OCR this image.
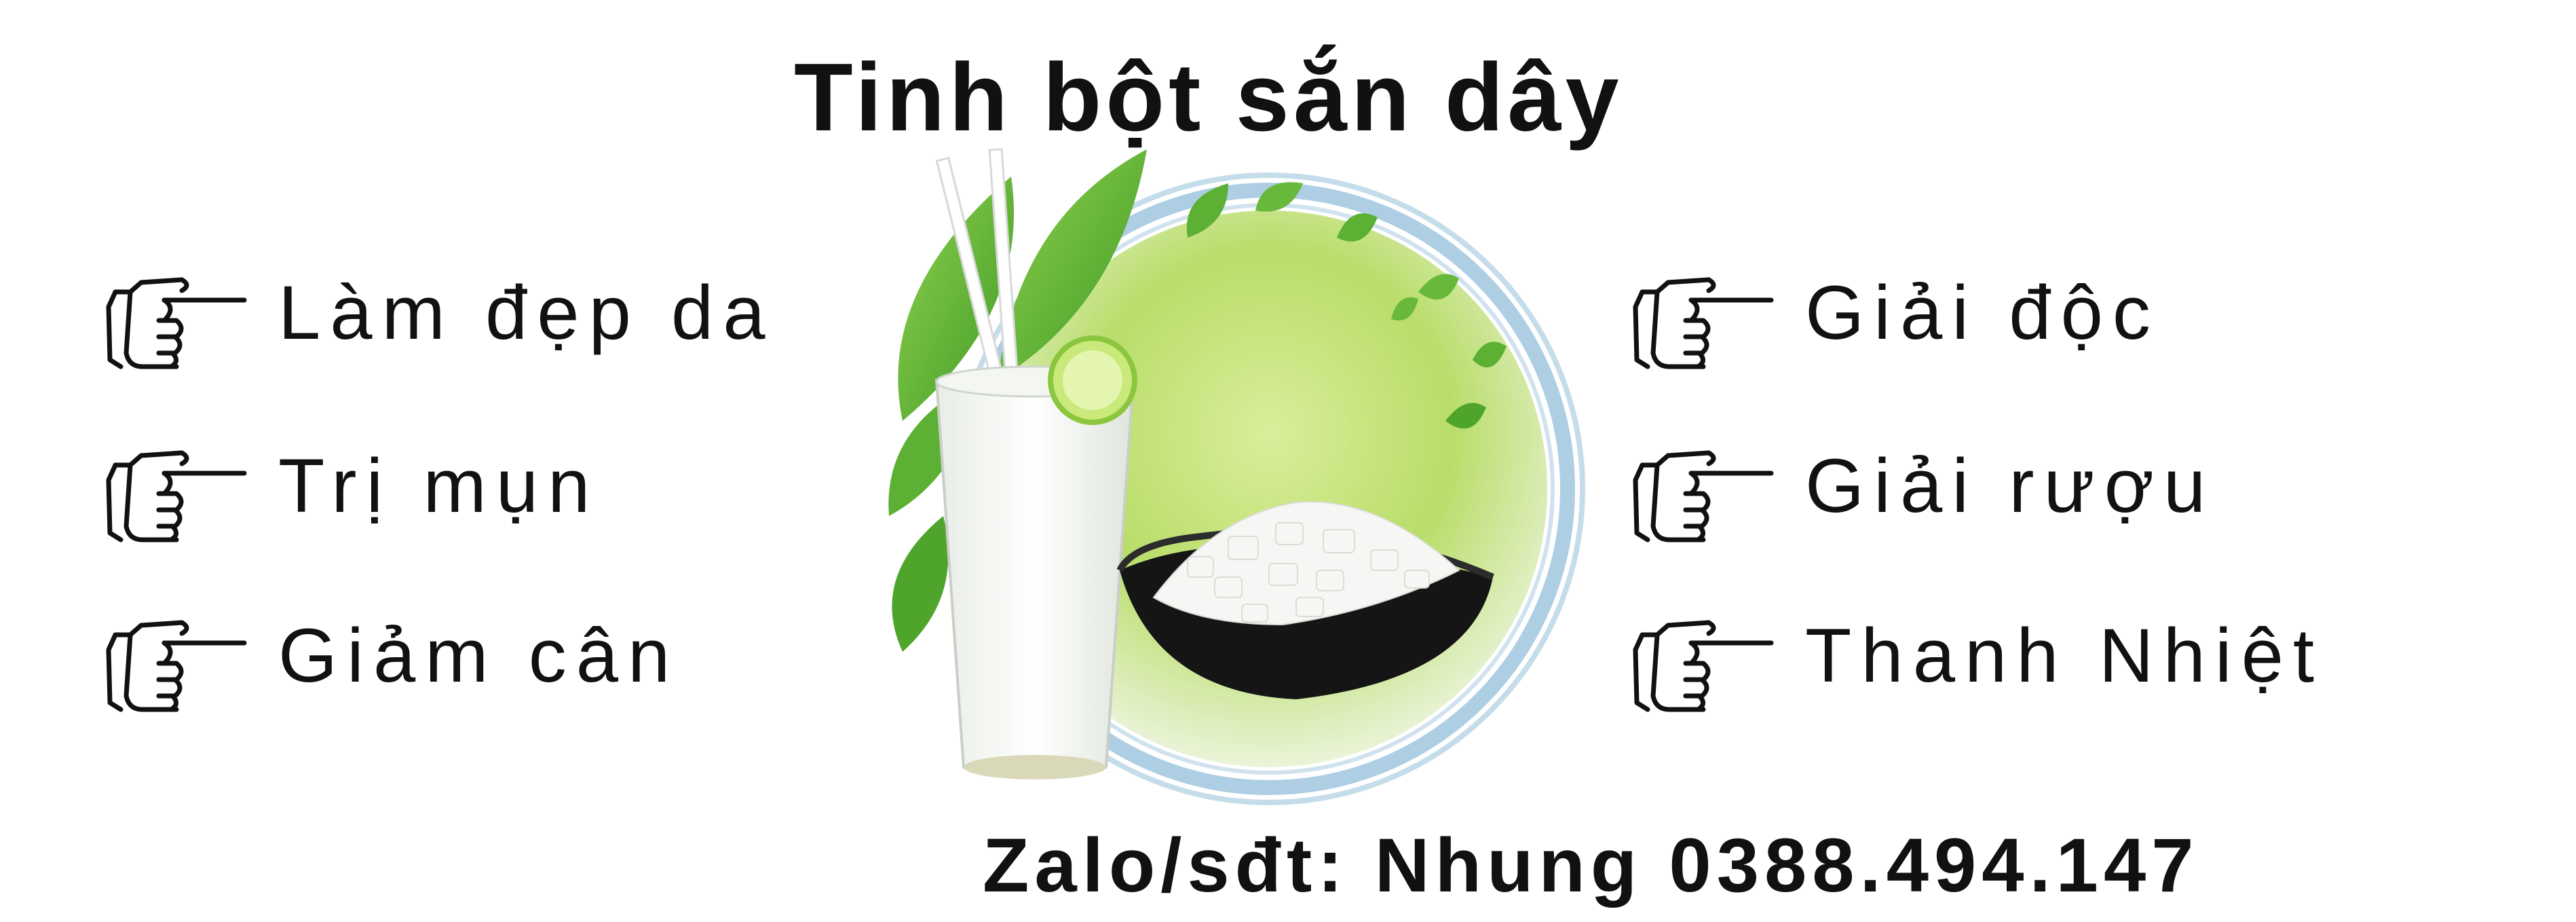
Tinh bột sắn dây
Làm đẹp da
Trị mụn
Giảm cân
Giải độc
Giải rượu
Thanh Nhiệt
Zalo/sđt: Nhung 0388.494.147
